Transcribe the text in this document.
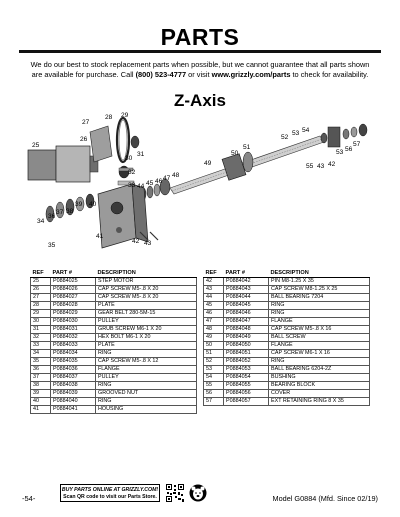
PARTS
We do our best to stock replacement parts when possible, but we cannot guarantee that all parts shown
are available for purchase. Call (800) 523-4777 or visit www.grizzly.com/parts to check for availability.
Z-Axis
27
28 29
26
25
30
31
32
33 44 45 46 47 48
49
50
51
52
53 54
57
56
53
55 43 42
39 40
38
37
36
34
35
41
42 43
REF	PART #	DESCRIPTION
25	P0884025	STEP MOTOR
26	P0884026	CAP SCREW M5-.8 X 20
27	P0884027	CAP SCREW M5-.8 X 20
28	P0884028	PLATE
29	P0884029	GEAR BELT 280-5M-15
30	P0884030	PULLEY
31	P0884031	GRUB SCREW M6-1 X 20
32	P0884032	HEX BOLT M6-1 X 20
33	P0884033	PLATE
34	P0884034	RING
35	P0884035	CAP SCREW M5-.8 X 12
36	P0884036	FLANGE
37	P0884037	PULLEY
38	P0884038	RING
39	P0884039	GROOVED NUT
40	P0884040	RING
41	P0884041	HOUSING
REF	PART #	DESCRIPTION
42	P0884042	PIN M8-1.25 X 35
43	P0884043	CAP SCREW M8-1.25 X 25
44	P0884044	BALL BEARING 7204
45	P0884045	RING
46	P0884046	RING
47	P0884047	FLANGE
48	P0884048	CAP SCREW M5-.8 X 16
49	P0884049	BALL SCREW
50	P0884050	FLANGE
51	P0884051	CAP SCREW M6-1 X 16
52	P0884052	RING
53	P0884053	BALL BEARING 6204-2Z
54	P0884054	BUSHING
55	P0884055	BEARING BLOCK
56	P0884056	COVER
57	P0884057	EXT RETAINING RING 8 X 35
-54-
BUY PARTS ONLINE AT GRIZZLY.COM!
Scan QR code to visit our Parts Store.	Model G0884 (Mfd. Since 02/19)
